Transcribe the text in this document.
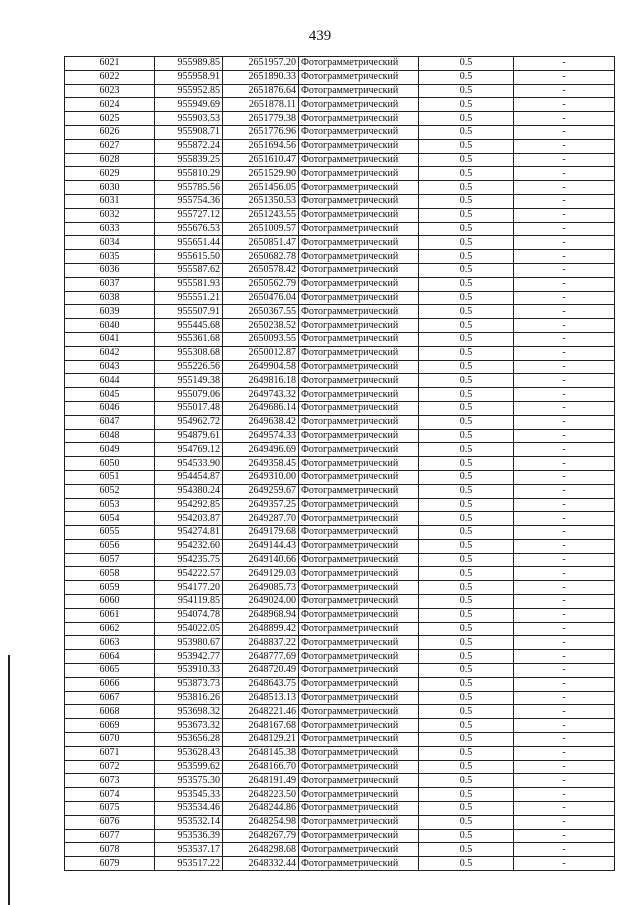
439
6021	955989.85	2651957.20	Фотограмметрический	0.5	-
6022	955958.91	2651890.33	Фотограмметрический	0.5	-
6023	955952.85	2651876.64	Фотограмметрический	0.5	-
6024	955949.69	2651878.11	Фотограмметрический	0.5	-
6025	955903.53	2651779.38	Фотограмметрический	0.5	-
6026	955908.71	2651776.96	Фотограмметрический	0.5	-
6027	955872.24	2651694.56	Фотограмметрический	0.5	-
6028	955839.25	2651610.47	Фотограмметрический	0.5	-
6029	955810.29	2651529.90	Фотограмметрический	0.5	-
6030	955785.56	2651456.05	Фотограмметрический	0.5	-
6031	955754.36	2651350.53	Фотограмметрический	0.5	-
6032	955727.12	2651243.55	Фотограмметрический	0.5	-
6033	955676.53	2651009.57	Фотограмметрический	0.5	-
6034	955651.44	2650851.47	Фотограмметрический	0.5	-
6035	955615.50	2650682.78	Фотограмметрический	0.5	-
6036	955587.62	2650578.42	Фотограмметрический	0.5	-
6037	955581.93	2650562.79	Фотограмметрический	0.5	-
6038	955551.21	2650476.04	Фотограмметрический	0.5	-
6039	955507.91	2650367.55	Фотограмметрический	0.5	-
6040	955445.68	2650238.52	Фотограмметрический	0.5	-
6041	955361.68	2650093.55	Фотограмметрический	0.5	-
6042	955308.68	2650012.87	Фотограмметрический	0.5	-
6043	955226.56	2649904.58	Фотограмметрический	0.5	-
6044	955149.38	2649816.18	Фотограмметрический	0.5	-
6045	955079.06	2649743.32	Фотограмметрический	0.5	-
6046	955017.48	2649686.14	Фотограмметрический	0.5	-
6047	954962.72	2649638.42	Фотограмметрический	0.5	-
6048	954879.61	2649574.33	Фотограмметрический	0.5	-
6049	954769.12	2649496.69	Фотограмметрический	0.5	-
6050	954533.90	2649358.45	Фотограмметрический	0.5	-
6051	954454.87	2649310.00	Фотограмметрический	0.5	-
6052	954380.24	2649259.67	Фотограмметрический	0.5	-
6053	954292.85	2649357.25	Фотограмметрический	0.5	-
6054	954203.87	2649287.70	Фотограмметрический	0.5	-
6055	954274.81	2649179.68	Фотограмметрический	0.5	-
6056	954232.60	2649144.43	Фотограмметрический	0.5	-
6057	954235.75	2649140.66	Фотограмметрический	0.5	-
6058	954222.57	2649129.03	Фотограмметрический	0.5	-
6059	954177.20	2649085.73	Фотограмметрический	0.5	-
6060	954119.85	2649024.00	Фотограмметрический	0.5	-
6061	954074.78	2648968.94	Фотограмметрический	0.5	-
6062	954022.05	2648899.42	Фотограмметрический	0.5	-
6063	953980.67	2648837.22	Фотограмметрический	0.5	-
6064	953942.77	2648777.69	Фотограмметрический	0.5	-
6065	953910.33	2648720.49	Фотограмметрический	0.5	-
6066	953873.73	2648643.75	Фотограмметрический	0.5	-
6067	953816.26	2648513.13	Фотограмметрический	0.5	-
6068	953698.32	2648221.46	Фотограмметрический	0.5	-
6069	953673.32	2648167.68	Фотограмметрический	0.5	-
6070	953656.28	2648129.21	Фотограмметрический	0.5	-
6071	953628.43	2648145.38	Фотограмметрический	0.5	-
6072	953599.62	2648166.70	Фотограмметрический	0.5	-
6073	953575.30	2648191.49	Фотограмметрический	0.5	-
6074	953545.33	2648223.50	Фотограмметрический	0.5	-
6075	953534.46	2648244.86	Фотограмметрический	0.5	-
6076	953532.14	2648254.98	Фотограмметрический	0.5	-
6077	953536.39	2648267.79	Фотограмметрический	0.5	-
6078	953537.17	2648298.68	Фотограмметрический	0.5	-
6079	953517.22	2648332.44	Фотограмметрический	0.5	-
